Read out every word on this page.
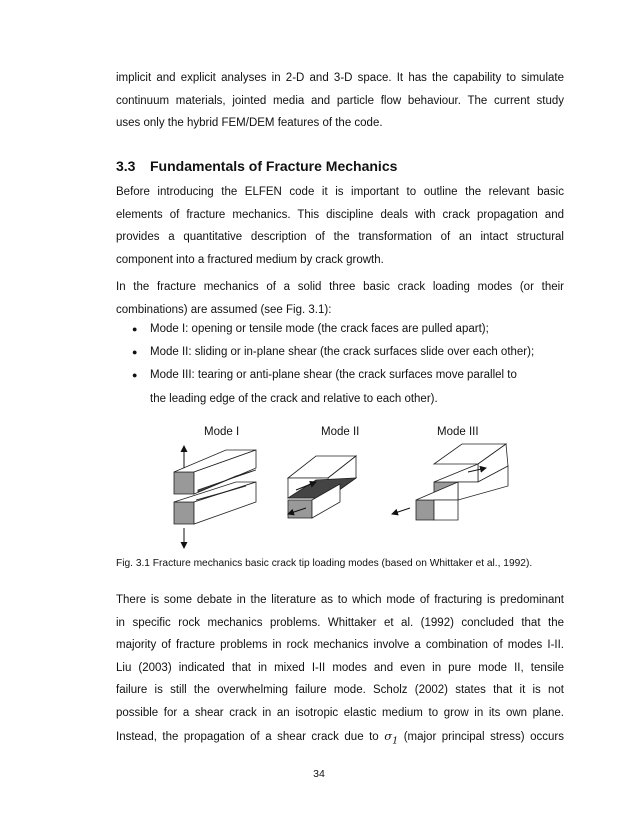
implicit and explicit analyses in 2-D and 3-D space. It has the capability to simulate
continuum materials, jointed media and particle flow behaviour. The current study
uses only the hybrid FEM/DEM features of the code.
3.3 Fundamentals of Fracture Mechanics
Before introducing the ELFEN code it is important to outline the relevant basic
elements of fracture mechanics. This discipline deals with crack propagation and
provides a quantitative description of the transformation of an intact structural
component into a fractured medium by crack growth.
In the fracture mechanics of a solid three basic crack loading modes (or their
combinations) are assumed (see Fig. 3.1):
● Mode I: opening or tensile mode (the crack faces are pulled apart);
● Mode II: sliding or in-plane shear (the crack surfaces slide over each other);
● Mode III: tearing or anti-plane shear (the crack surfaces move parallel to
the leading edge of the crack and relative to each other).
Mode I	Mode II	Mode III

Fig. 3.1 Fracture mechanics basic crack tip loading modes (based on Whittaker et al., 1992).

There is some debate in the literature as to which mode of fracturing is predominant
in specific rock mechanics problems. Whittaker et al. (1992) concluded that the
majority of fracture problems in rock mechanics involve a combination of modes I-II.
Liu (2003) indicated that in mixed I-II modes and even in pure mode II, tensile
failure is still the overwhelming failure mode. Scholz (2002) states that it is not
possible for a shear crack in an isotropic elastic medium to grow in its own plane.
Instead, the propagation of a shear crack due to $\sigma_1$ (major principal stress) occurs
34
